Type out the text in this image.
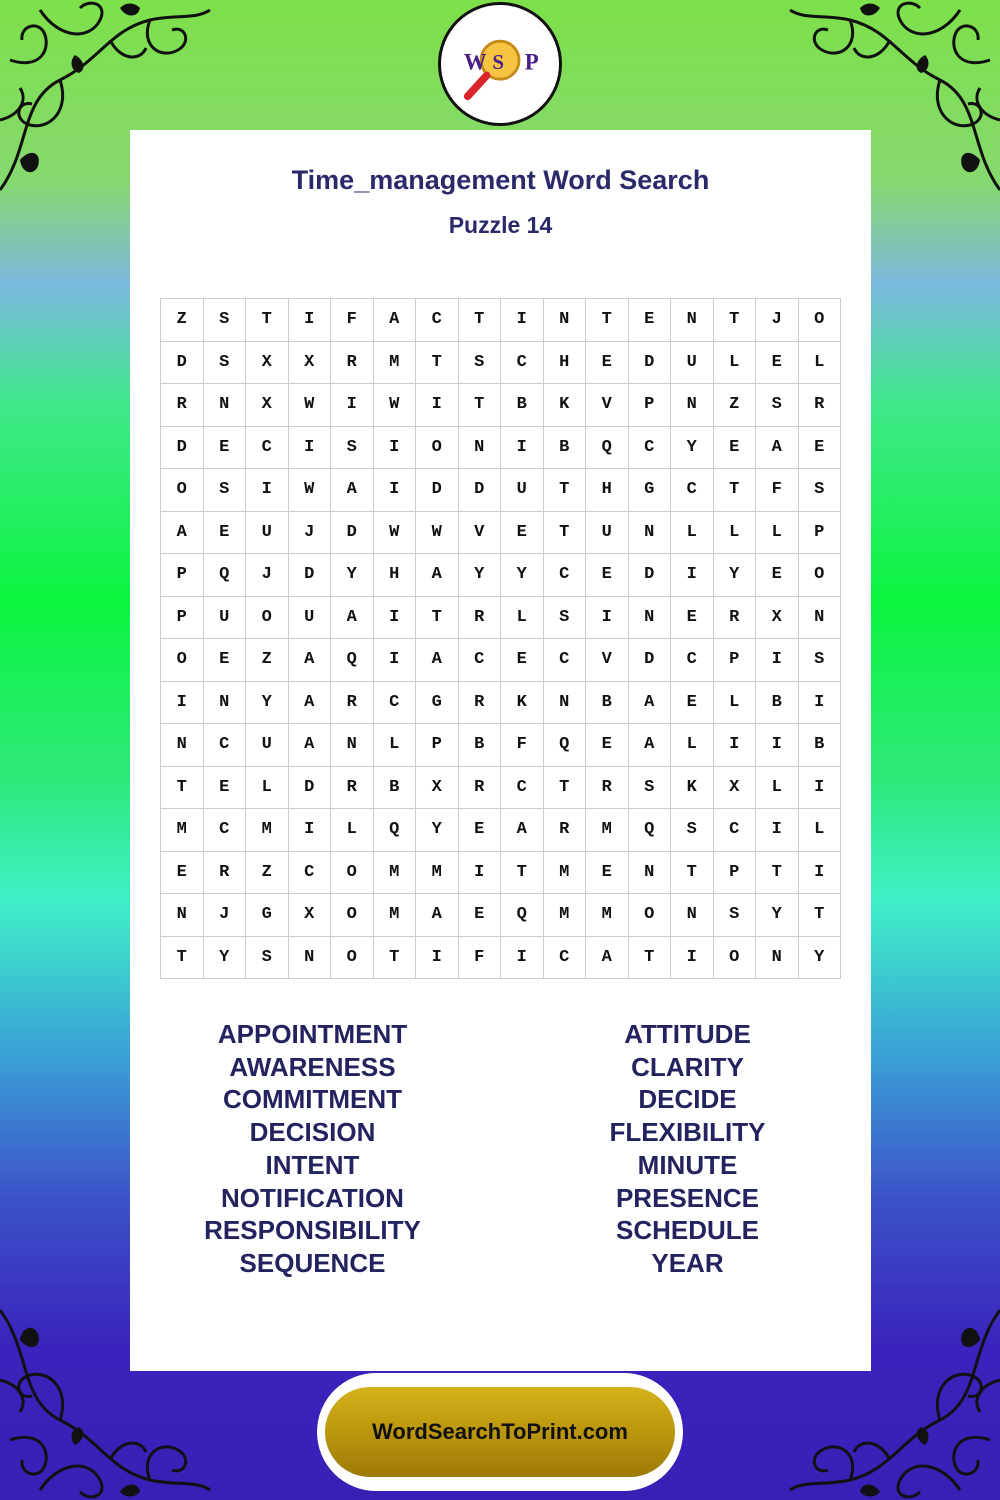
W S P
Time_management Word Search
Puzzle 14
Z	S	T	I	F	A	C	T	I	N	T	E	N	T	J	O
D	S	X	X	R	M	T	S	C	H	E	D	U	L	E	L
R	N	X	W	I	W	I	T	B	K	V	P	N	Z	S	R
D	E	C	I	S	I	O	N	I	B	Q	C	Y	E	A	E
O	S	I	W	A	I	D	D	U	T	H	G	C	T	F	S
A	E	U	J	D	W	W	V	E	T	U	N	L	L	L	P
P	Q	J	D	Y	H	A	Y	Y	C	E	D	I	Y	E	O
P	U	O	U	A	I	T	R	L	S	I	N	E	R	X	N
O	E	Z	A	Q	I	A	C	E	C	V	D	C	P	I	S
I	N	Y	A	R	C	G	R	K	N	B	A	E	L	B	I
N	C	U	A	N	L	P	B	F	Q	E	A	L	I	I	B
T	E	L	D	R	B	X	R	C	T	R	S	K	X	L	I
M	C	M	I	L	Q	Y	E	A	R	M	Q	S	C	I	L
E	R	Z	C	O	M	M	I	T	M	E	N	T	P	T	I
N	J	G	X	O	M	A	E	Q	M	M	O	N	S	Y	T
T	Y	S	N	O	T	I	F	I	C	A	T	I	O	N	Y
APPOINTMENT
AWARENESS
COMMITMENT
DECISION
INTENT
NOTIFICATION
RESPONSIBILITY
SEQUENCE
ATTITUDE
CLARITY
DECIDE
FLEXIBILITY
MINUTE
PRESENCE
SCHEDULE
YEAR
WordSearchToPrint.com
